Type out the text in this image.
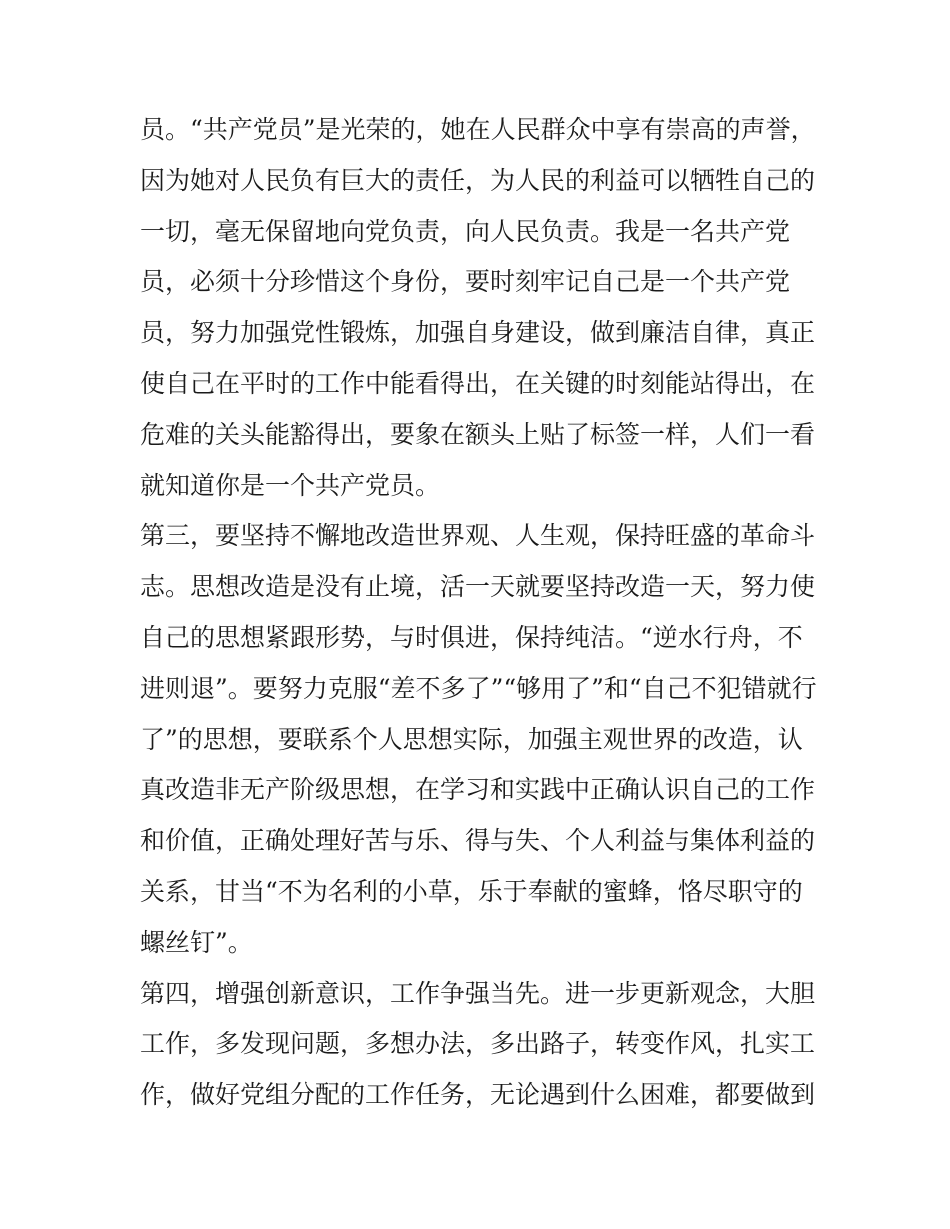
员。“共产党员”是光荣的，她在人民群众中享有崇高的声誉，
因为她对人民负有巨大的责任，为人民的利益可以牺牲自己的
一切，毫无保留地向党负责，向人民负责。我是一名共产党
员，必须十分珍惜这个身份，要时刻牢记自己是一个共产党
员，努力加强党性锻炼，加强自身建设，做到廉洁自律，真正
使自己在平时的工作中能看得出，在关键的时刻能站得出，在
危难的关头能豁得出，要象在额头上贴了标签一样，人们一看
就知道你是一个共产党员。
第三，要坚持不懈地改造世界观、人生观，保持旺盛的革命斗
志。思想改造是没有止境，活一天就要坚持改造一天，努力使
自己的思想紧跟形势，与时俱进，保持纯洁。“逆水行舟，不
进则退”。要努力克服“差不多了”“够用了”和“自己不犯错就行
了”的思想，要联系个人思想实际，加强主观世界的改造，认
真改造非无产阶级思想，在学习和实践中正确认识自己的工作
和价值，正确处理好苦与乐、得与失、个人利益与集体利益的
关系，甘当“不为名利的小草，乐于奉献的蜜蜂，恪尽职守的
螺丝钉”。
第四，增强创新意识，工作争强当先。进一步更新观念，大胆
工作，多发现问题，多想办法，多出路子，转变作风，扎实工
作，做好党组分配的工作任务，无论遇到什么困难，都要做到
